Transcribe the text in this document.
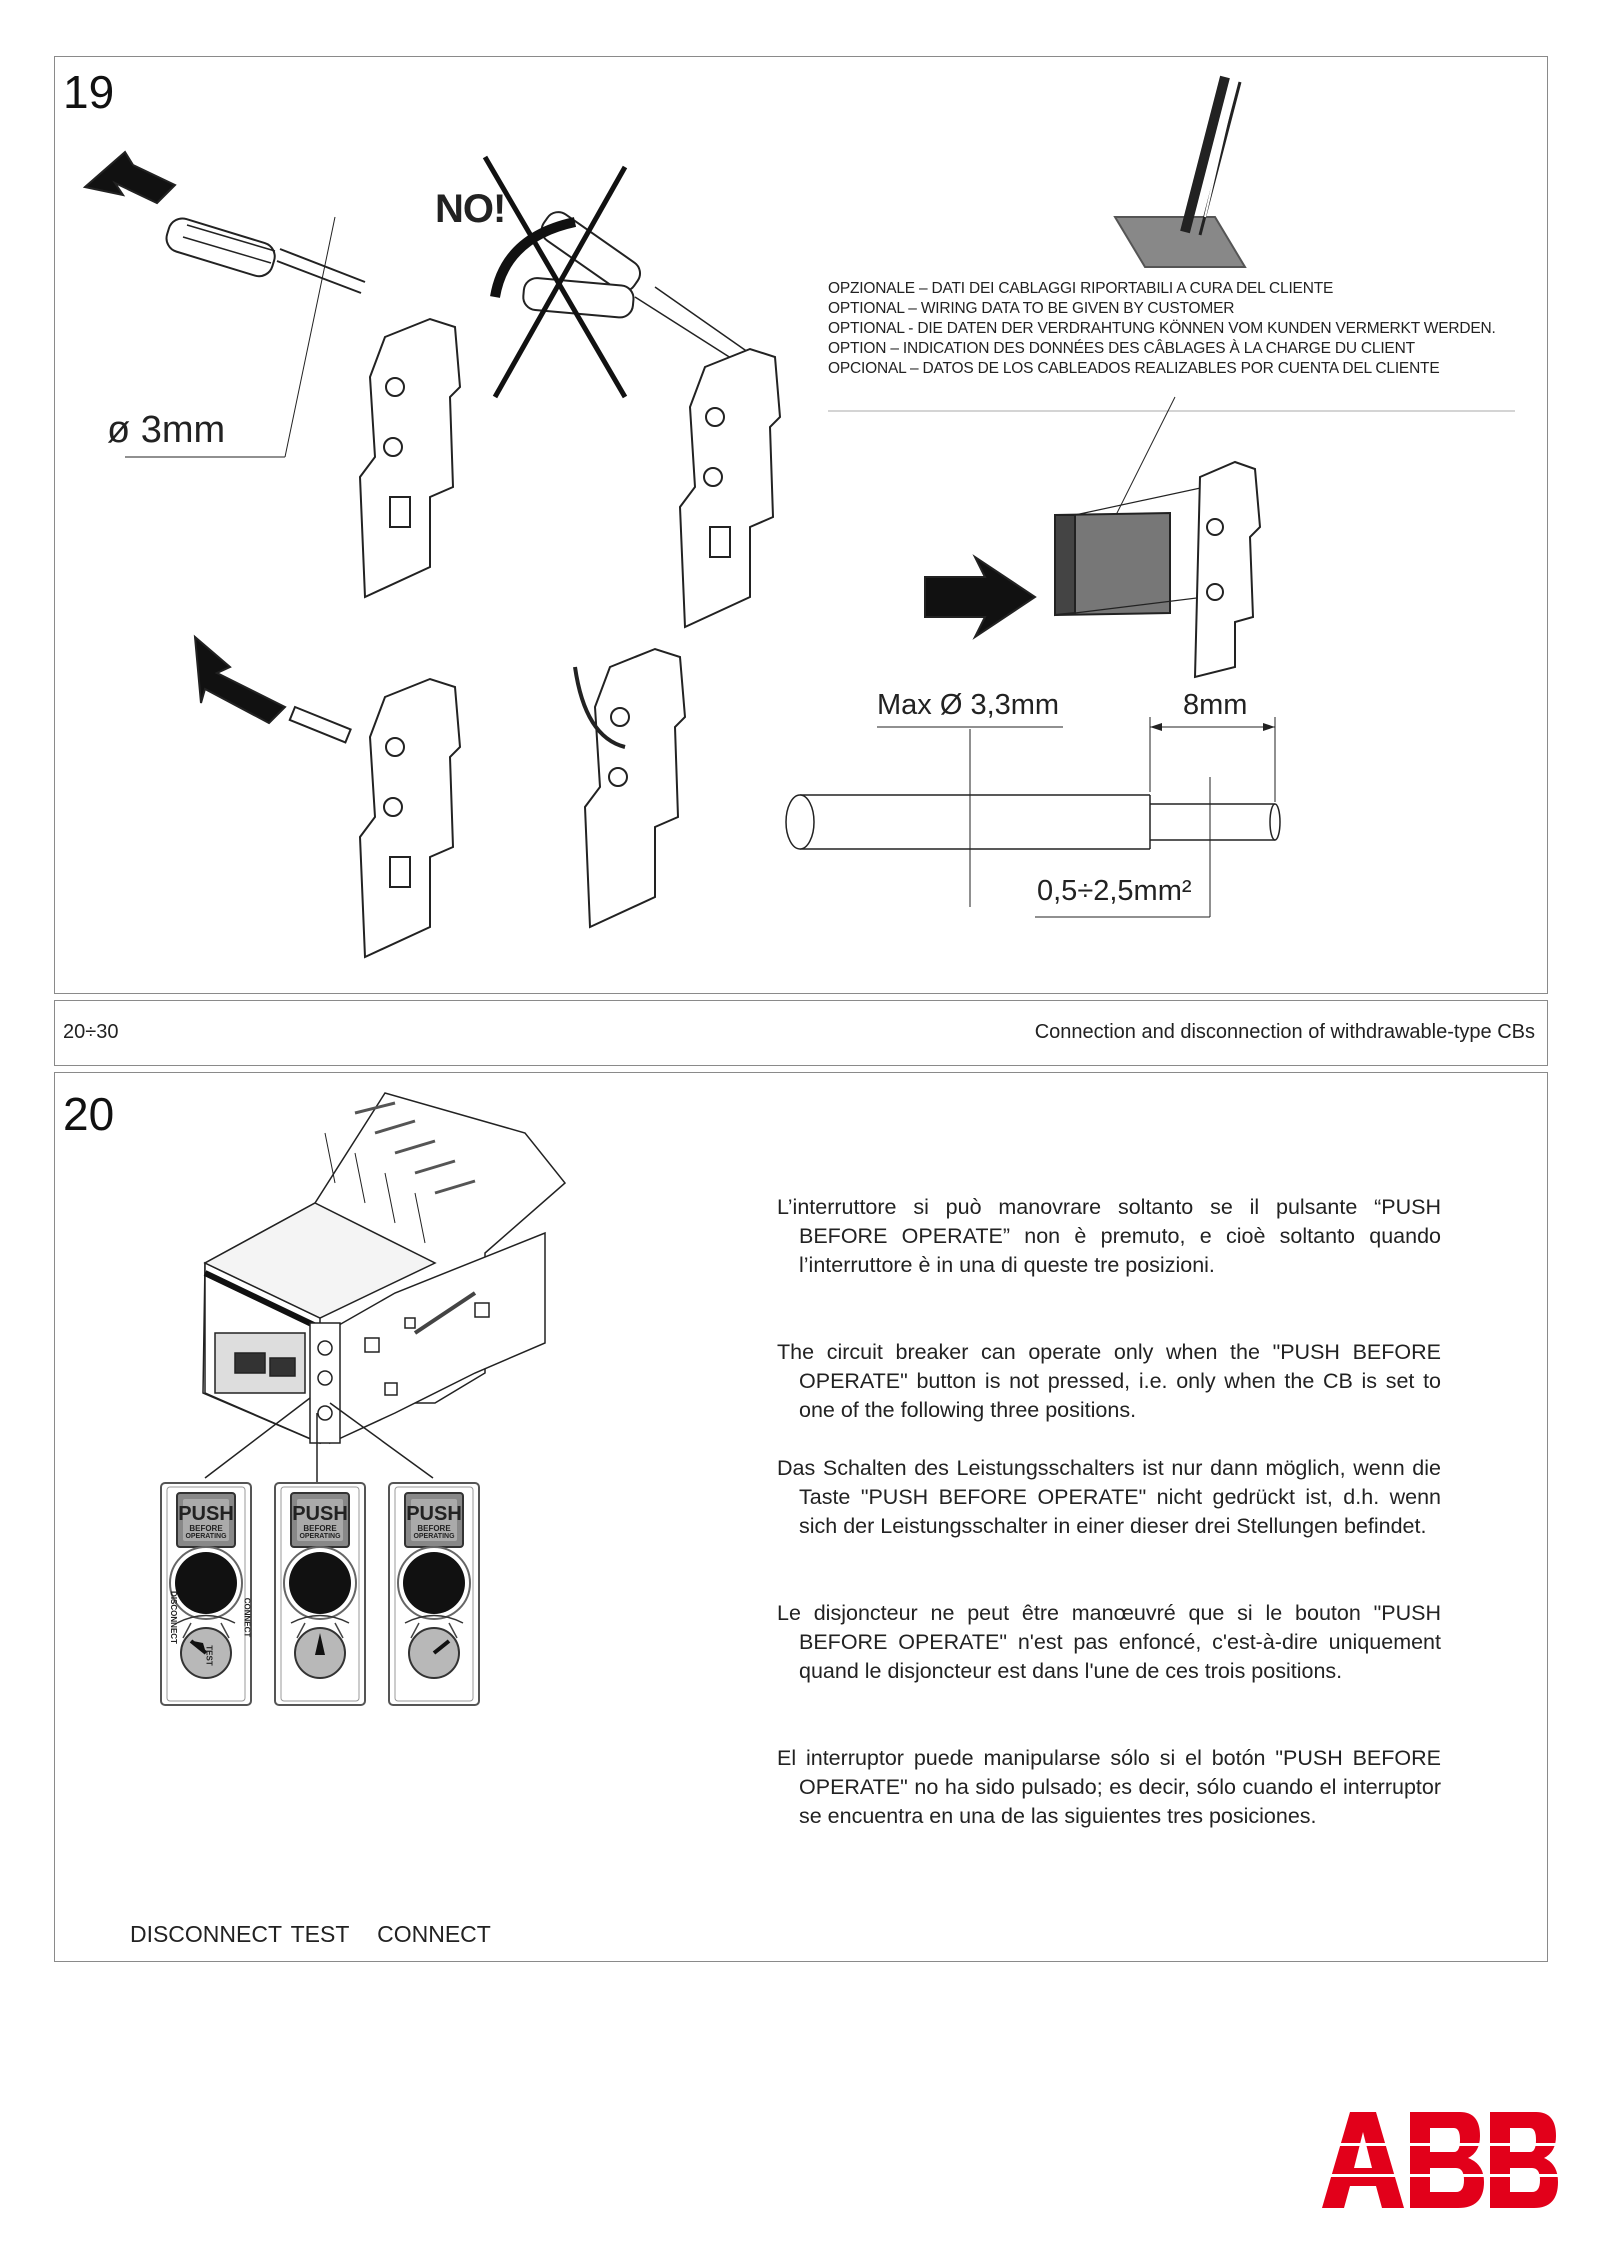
19
NO!
ø 3mm
OPZIONALE – DATI DEI CABLAGGI RIPORTABILI A CURA DEL CLIENTE
OPTIONAL – WIRING DATA TO BE GIVEN BY CUSTOMER
OPTIONAL - DIE DATEN DER VERDRAHTUNG KÖNNEN VOM KUNDEN VERMERKT WERDEN.
OPTION – INDICATION DES DONNÉES DES CÂBLAGES À LA CHARGE DU CLIENT
OPCIONAL – DATOS DE LOS CABLEADOS REALIZABLES POR CUENTA DEL CLIENTE
Max Ø 3,3mm	8mm
0,5÷2,5mm²
20÷30	Connection and disconnection of withdrawable-type CBs
20
PUSH
BEFORE
OPERATING
PUSH
BEFORE
OPERATING
PUSH
BEFORE
OPERATING
DISCONNECT
TEST
CONNECT
DISCONNECT TEST	CONNECT
L’interruttore si può manovrare soltanto se il pulsante “PUSH BEFORE OPERATE” non è premuto, e cioè soltanto quando l’interruttore è in una di queste tre posizioni.
The circuit breaker can operate only when the "PUSH BEFORE OPERATE" button is not pressed, i.e. only when the CB is set to one of the following three positions.
Das Schalten des Leistungsschalters ist nur dann möglich, wenn die Taste "PUSH BEFORE OPERATE" nicht gedrückt ist, d.h. wenn sich der Leistungsschalter in einer dieser drei Stellungen befindet.
Le disjoncteur ne peut être manœuvré que si le bouton "PUSH BEFORE OPERATE" n'est pas enfoncé, c'est-à-dire uniquement quand le disjoncteur est dans l'une de ces trois positions.
El interruptor puede manipularse sólo si el botón "PUSH BEFORE OPERATE" no ha sido pulsado; es decir, sólo cuando el interruptor se encuentra en una de las siguientes tres posiciones.
